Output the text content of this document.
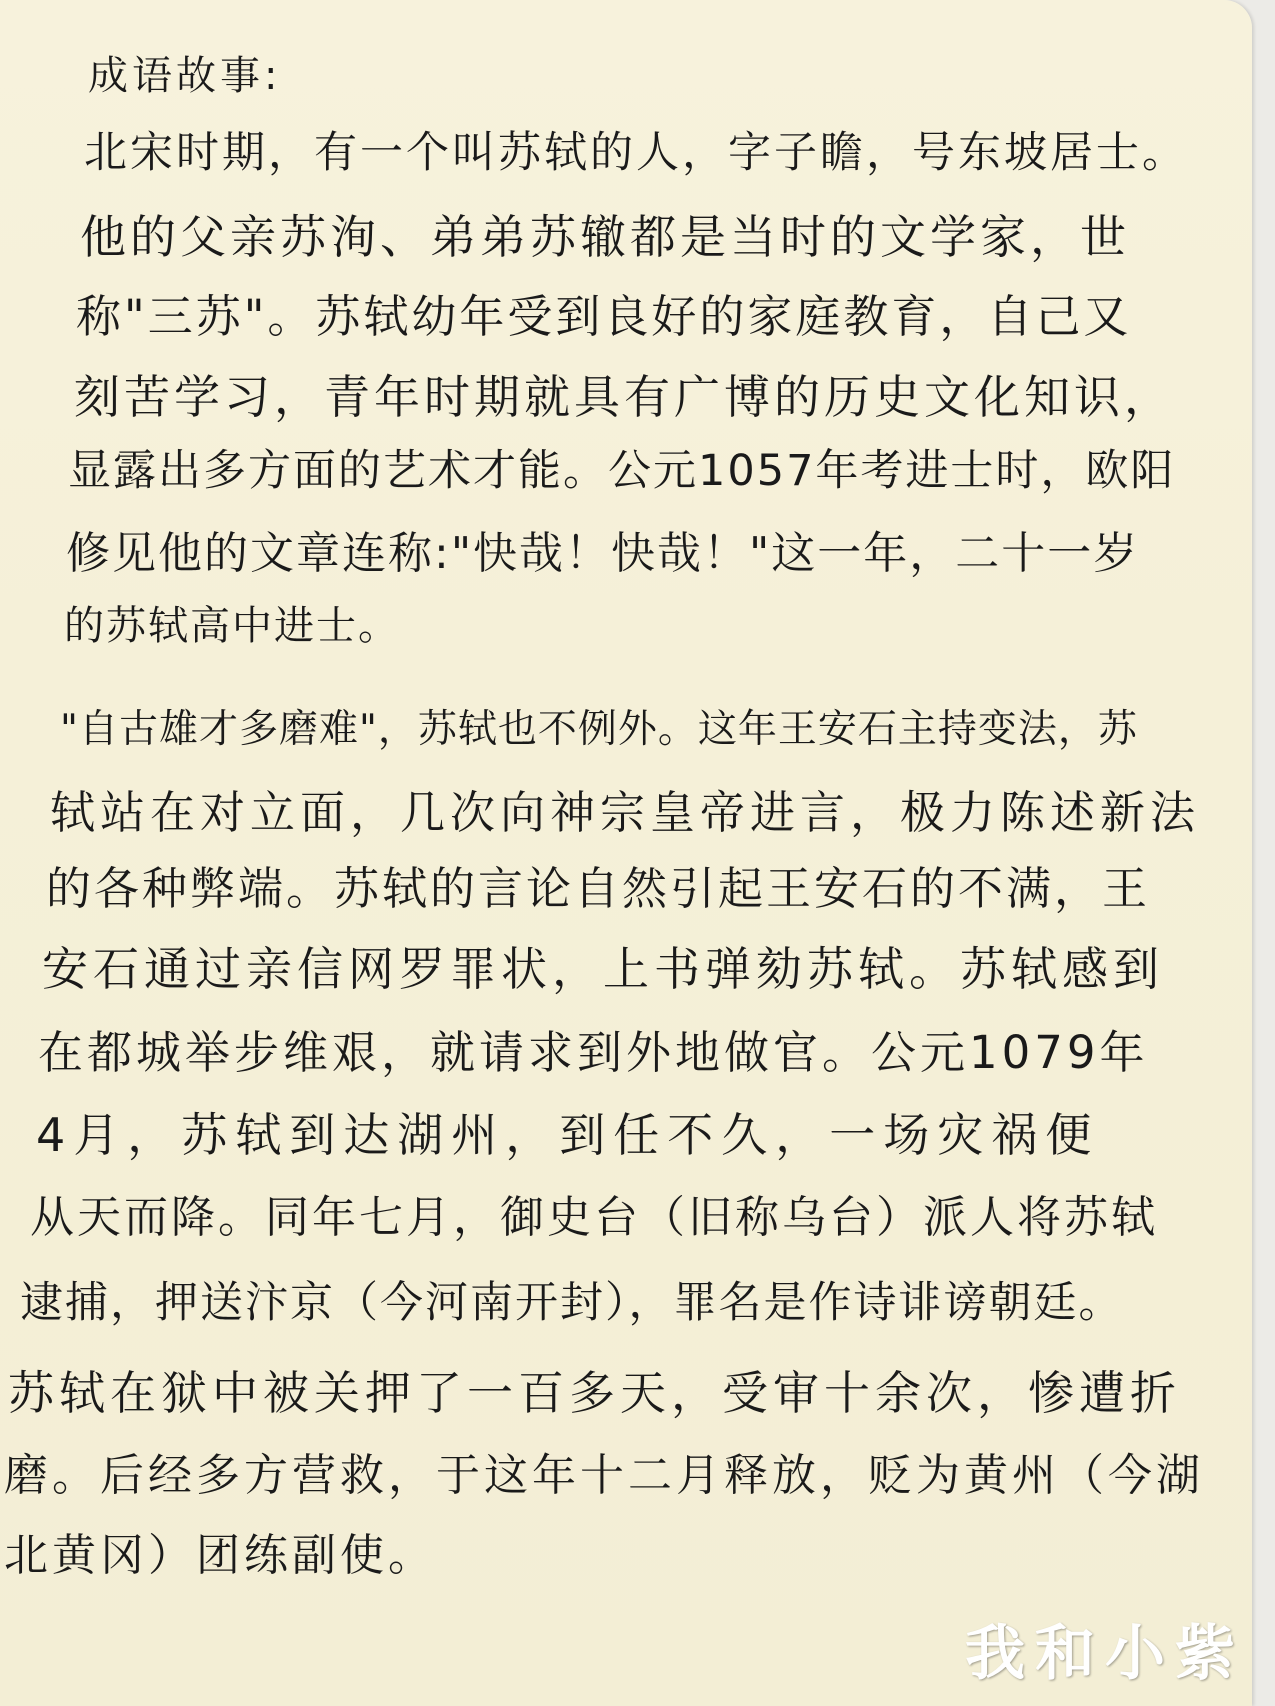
成语故事:
北宋时期，有一个叫苏轼的人，字子瞻，号东坡居士。
他的父亲苏洵、弟弟苏辙都是当时的文学家，世
称"三苏"。苏轼幼年受到良好的家庭教育，自己又
刻苦学习，青年时期就具有广博的历史文化知识，
显露出多方面的艺术才能。公元1057年考进士时，欧阳
修见他的文章连称:"快哉！快哉！"这一年，二十一岁
的苏轼高中进士。
"自古雄才多磨难"，苏轼也不例外。这年王安石主持变法，苏
轼站在对立面，几次向神宗皇帝进言，极力陈述新法
的各种弊端。苏轼的言论自然引起王安石的不满，王
安石通过亲信网罗罪状，上书弹劾苏轼。苏轼感到
在都城举步维艰，就请求到外地做官。公元1079年
4月，苏轼到达湖州，到任不久，一场灾祸便
从天而降。同年七月，御史台（旧称乌台）派人将苏轼
逮捕，押送汴京（今河南开封），罪名是作诗诽谤朝廷。
苏轼在狱中被关押了一百多天，受审十余次，惨遭折
磨。后经多方营救，于这年十二月释放，贬为黄州（今湖
北黄冈）团练副使。
我和小紫
